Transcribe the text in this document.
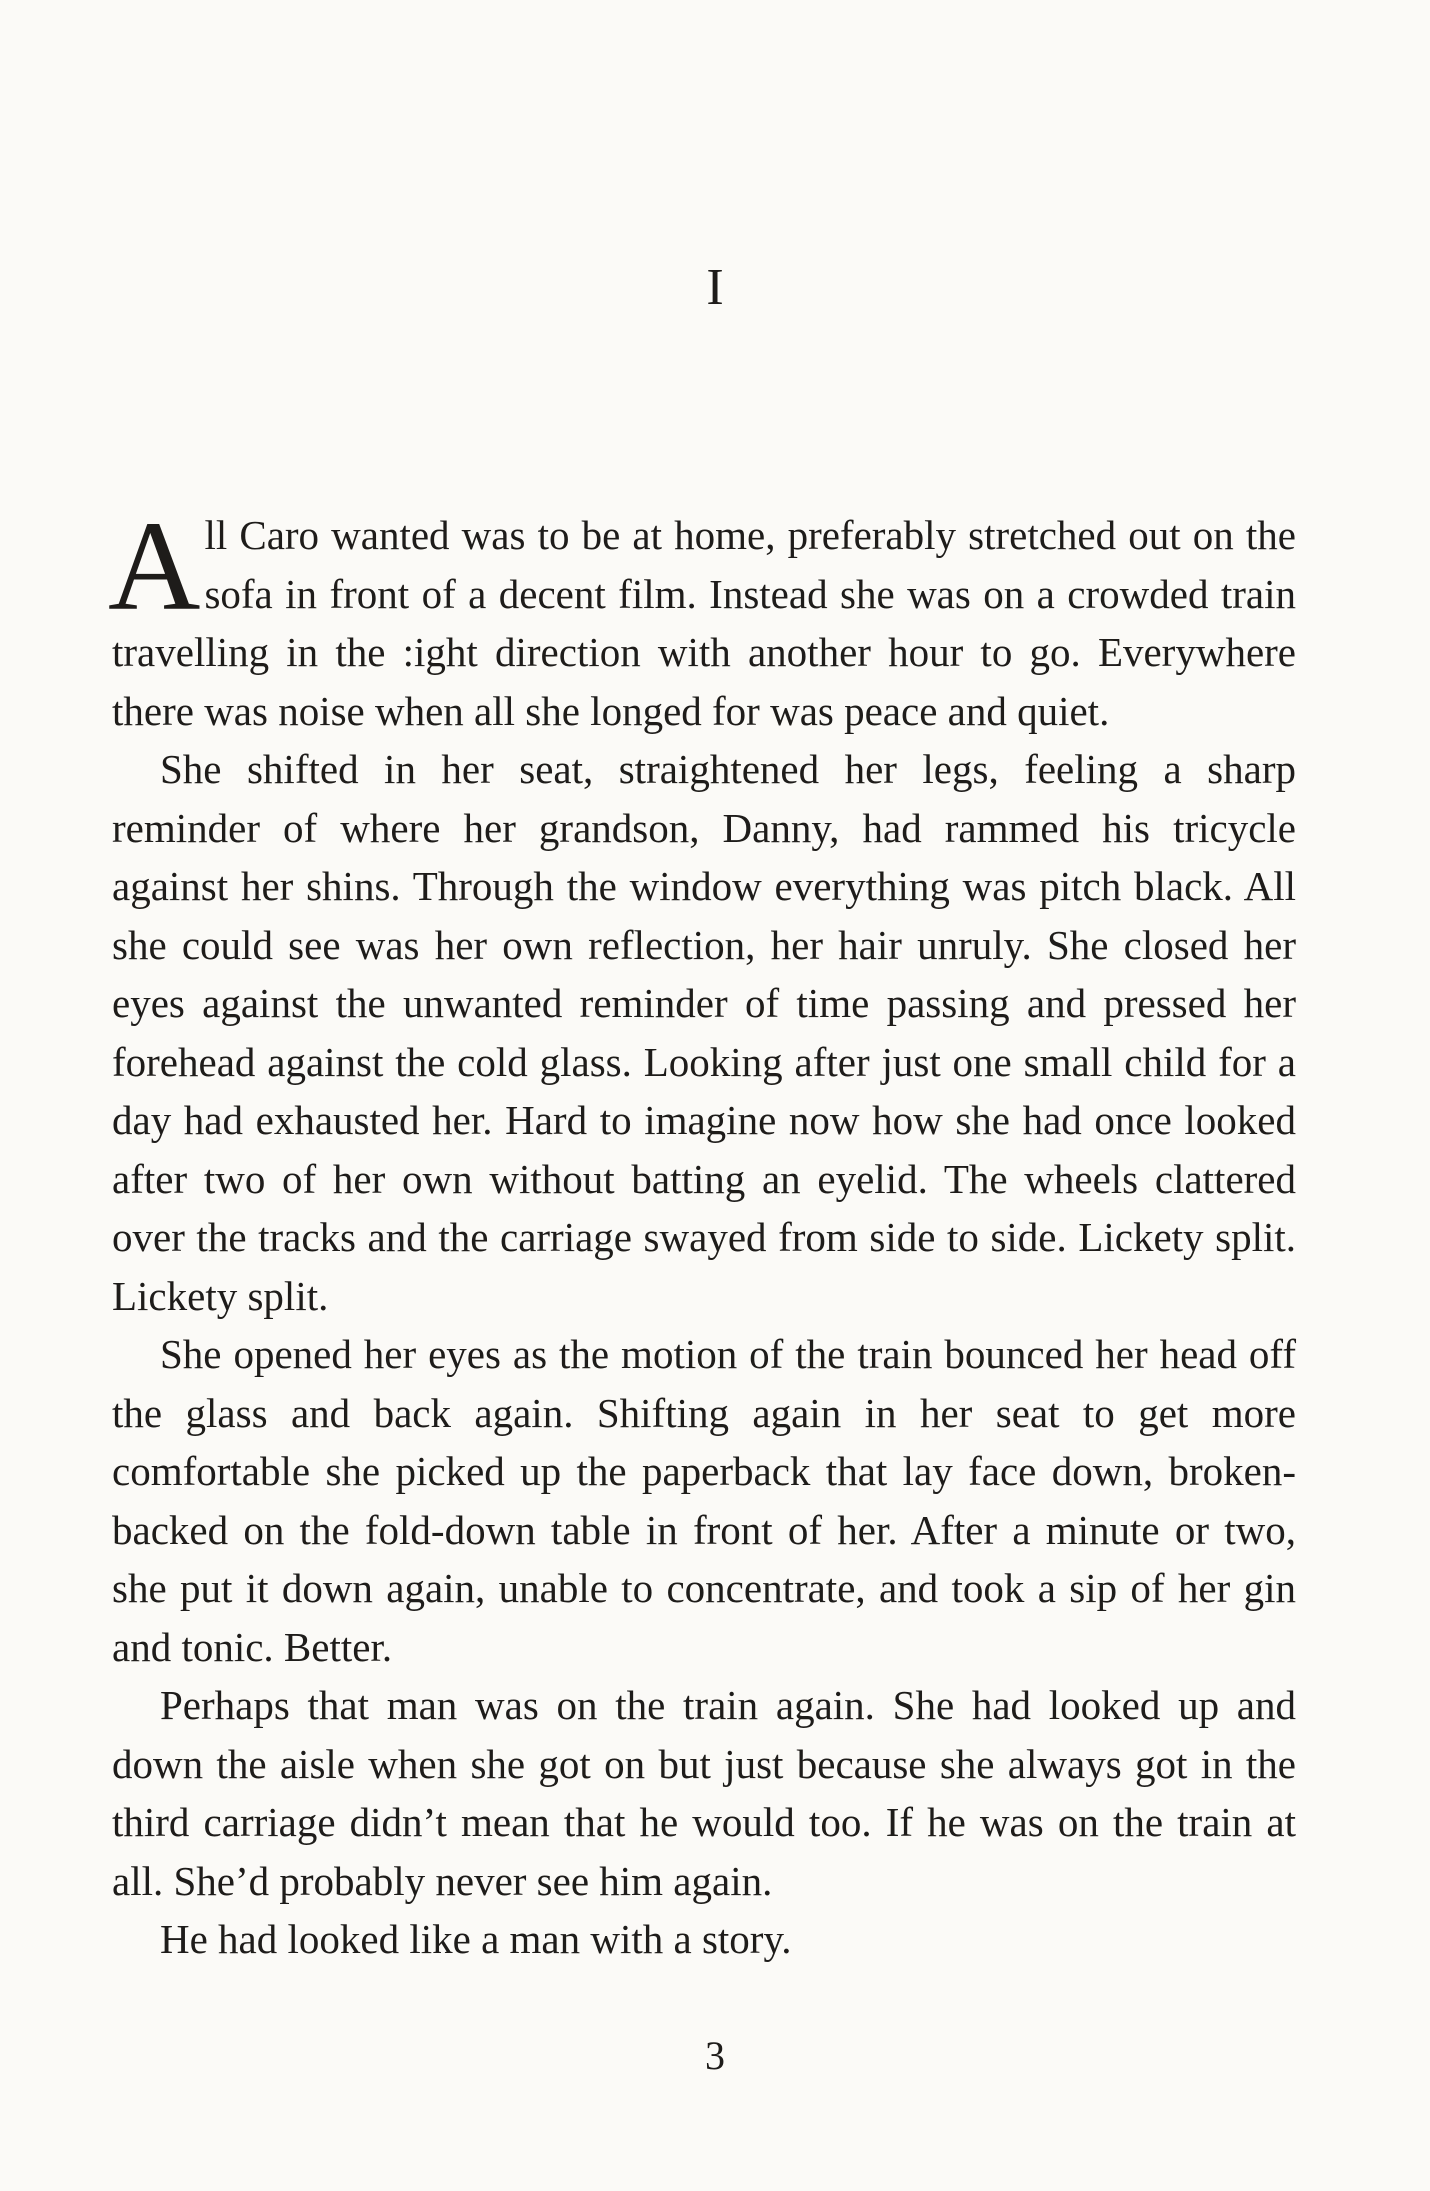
I

All Caro wanted was to be at home, preferably stretched out on the sofa in front of a decent film. Instead she was on a crowded train travelling in the :ight direction with another hour to go. Everywhere there was noise when all she longed for was peace and quiet.

She shifted in her seat, straightened her legs, feeling a sharp reminder of where her grandson, Danny, had rammed his tricycle against her shins. Through the window everything was pitch black. All she could see was her own reflection, her hair unruly. She closed her eyes against the unwanted reminder of time passing and pressed her forehead against the cold glass. Looking after just one small child for a day had exhausted her. Hard to imagine now how she had once looked after two of her own without batting an eyelid. The wheels clattered over the tracks and the carriage swayed from side to side. Lickety split. Lickety split.

She opened her eyes as the motion of the train bounced her head off the glass and back again. Shifting again in her seat to get more comfortable she picked up the paperback that lay face down, broken-backed on the fold-down table in front of her. After a minute or two, she put it down again, unable to concentrate, and took a sip of her gin and tonic. Better.

Perhaps that man was on the train again. She had looked up and down the aisle when she got on but just because she always got in the third carriage didn’t mean that he would too. If he was on the train at all. She’d probably never see him again.

He had looked like a man with a story.

3
